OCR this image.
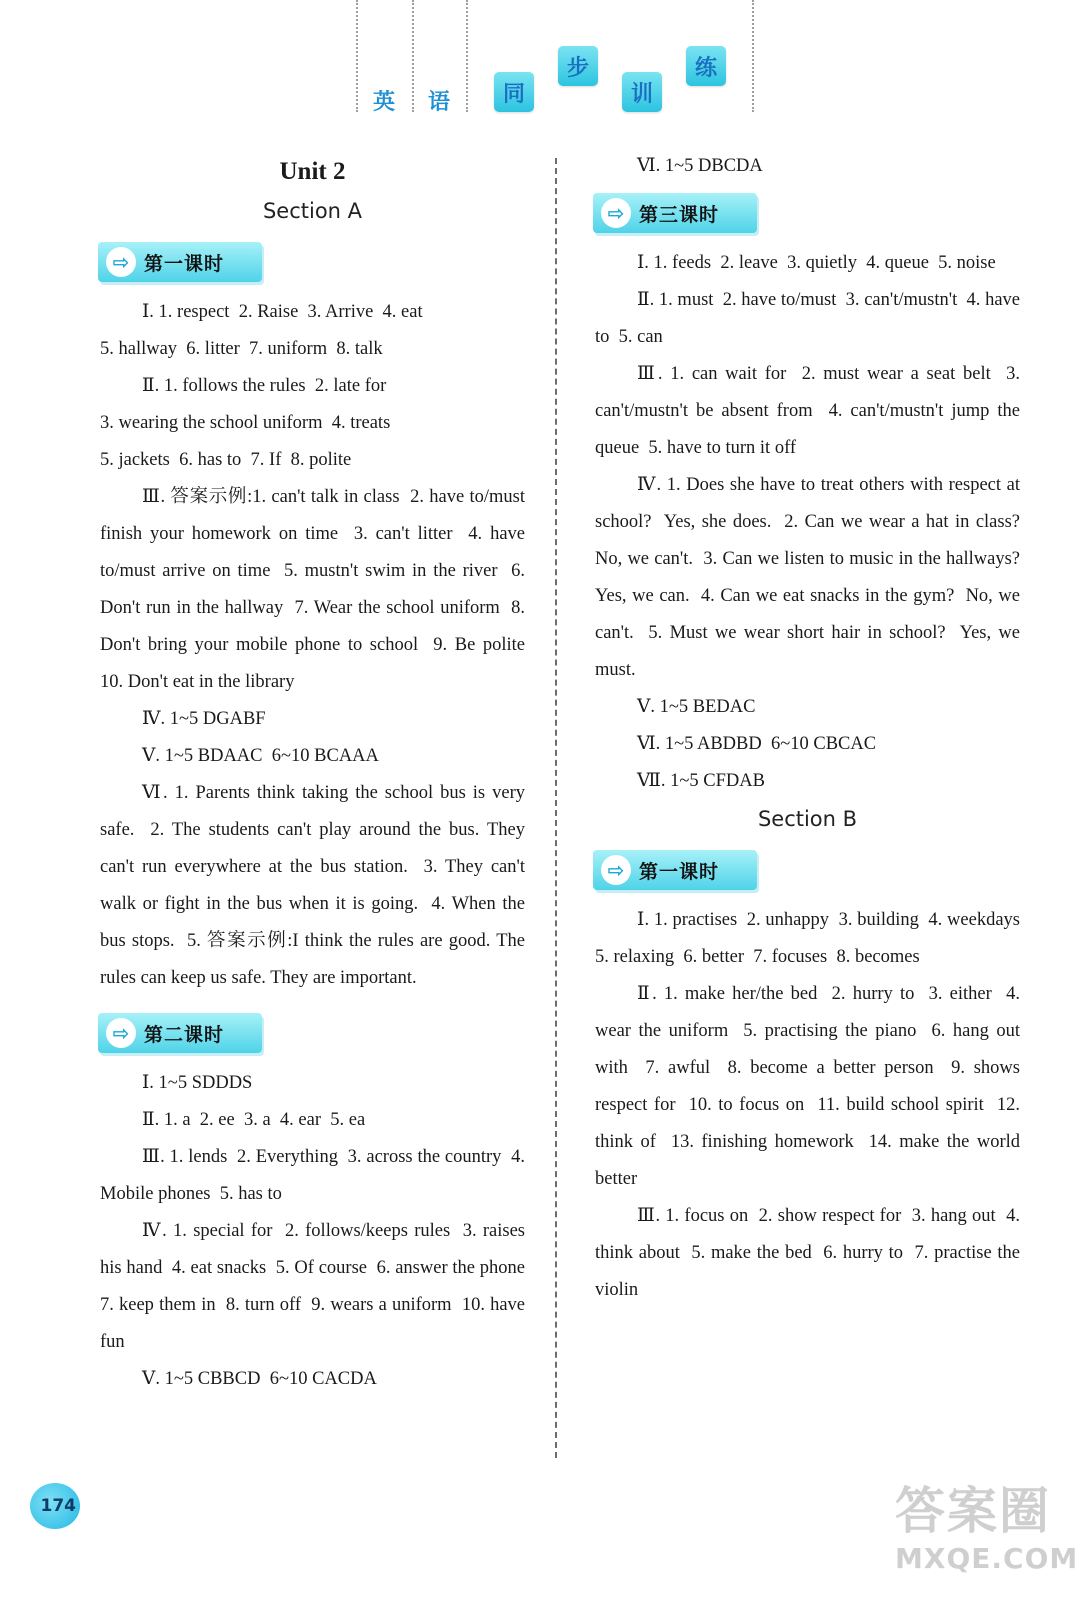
英 语	同
步
训
练
Unit 2
Section A
⇨ 第一课时
Ⅰ. 1. respect  2. Raise  3. Arrive  4. eat
5. hallway  6. litter  7. uniform  8. talk
Ⅱ. 1. follows the rules  2. late for
3. wearing the school uniform  4. treats
5. jackets  6. has to  7. If  8. polite
Ⅲ. 答案示例:1. can't talk in class  2. have to/must finish your homework on time  3. can't litter  4. have to/must arrive on time  5. mustn't swim in the river  6. Don't run in the hallway  7. Wear the school uniform  8. Don't bring your mobile phone to school  9. Be polite  10. Don't eat in the library
Ⅳ. 1~5 DGABF
Ⅴ. 1~5 BDAAC  6~10 BCAAA
Ⅵ. 1. Parents think taking the school bus is very safe.  2. The students can't play around the bus. They can't run everywhere at the bus station.  3. They can't walk or fight in the bus when it is going.  4. When the bus stops.  5. 答案示例:I think the rules are good. The rules can keep us safe. They are important.
⇨ 第二课时
Ⅰ. 1~5 SDDDS
Ⅱ. 1. a  2. ee  3. a  4. ear  5. ea
Ⅲ. 1. lends  2. Everything  3. across the country  4. Mobile phones  5. has to
Ⅳ. 1. special for  2. follows/keeps rules  3. raises his hand  4. eat snacks  5. Of course  6. answer the phone  7. keep them in  8. turn off  9. wears a uniform  10. have fun
Ⅴ. 1~5 CBBCD  6~10 CACDA
Ⅵ. 1~5 DBCDA
⇨ 第三课时
Ⅰ. 1. feeds  2. leave  3. quietly  4. queue  5. noise
Ⅱ. 1. must  2. have to/must  3. can't/mustn't  4. have to  5. can
Ⅲ. 1. can wait for  2. must wear a seat belt  3. can't/mustn't be absent from  4. can't/mustn't jump the queue  5. have to turn it off
Ⅳ. 1. Does she have to treat others with respect at school?  Yes, she does.  2. Can we wear a hat in class?  No, we can't.  3. Can we listen to music in the hallways?  Yes, we can.  4. Can we eat snacks in the gym?  No, we can't.  5. Must we wear short hair in school?  Yes, we must.
Ⅴ. 1~5 BEDAC
Ⅵ. 1~5 ABDBD  6~10 CBCAC
Ⅶ. 1~5 CFDAB
Section B
⇨ 第一课时
Ⅰ. 1. practises  2. unhappy  3. building  4. weekdays  5. relaxing  6. better  7. focuses  8. becomes
Ⅱ. 1. make her/the bed  2. hurry to  3. either  4. wear the uniform  5. practising the piano  6. hang out with  7. awful  8. become a better person  9. shows respect for  10. to focus on  11. build school spirit  12. think of  13. finishing homework  14. make the world better
Ⅲ. 1. focus on  2. show respect for  3. hang out  4. think about  5. make the bed  6. hurry to  7. practise the violin
174	答案圈
MXQE.COM
